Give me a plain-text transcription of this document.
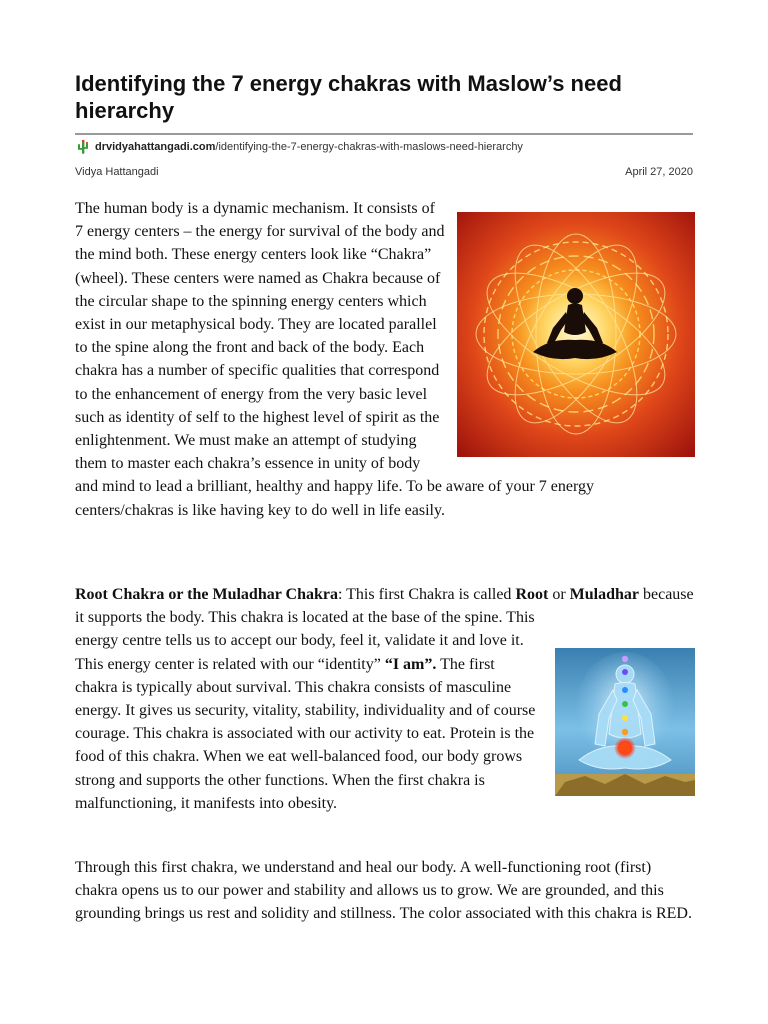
Identifying the 7 energy chakras with Maslow’s need hierarchy
drvidyahattangadi.com /identifying-the-7-energy-chakras-with-maslows-need-hierarchy
Vidya Hattangadi	April 27, 2020

The human body is a dynamic mechanism. It consists of 7 energy centers – the energy for survival of the body and the mind both. These energy centers look like “Chakra” (wheel). These centers were named as Chakra because of the circular shape to the spinning energy centers which exist in our metaphysical body. They are located parallel to the spine along the front and back of the body. Each chakra has a number of specific qualities that correspond to the enhancement of energy from the very basic level such as identity of self to the highest level of spirit as the enlightenment. We must make an attempt of studying them to master each chakra’s essence in unity of body and mind to lead a brilliant, healthy and happy life. To be aware of your 7 energy centers/chakras is like having key to do well in life easily.

Root Chakra or the Muladhar Chakra: This first Chakra is called Root or Muladhar
because it supports the body. This chakra is located at the base of the spine. This energy centre tells us to accept our body, feel it, validate it and love it. This energy center is related with our “identity” “I am”. The first chakra is typically about survival. This chakra consists of masculine energy. It gives us security, vitality, stability, individuality and of course courage. This chakra is associated with our activity to eat. Protein is the food of this chakra. When we eat well-balanced food, our body grows strong and supports the other functions. When the first chakra is malfunctioning, it manifests into obesity.

Through this first chakra, we understand and heal our body. A well-functioning root (first) chakra opens us to our power and stability and allows us to grow. We are grounded, and this grounding brings us rest and solidity and stillness. The color associated with this chakra is RED.
